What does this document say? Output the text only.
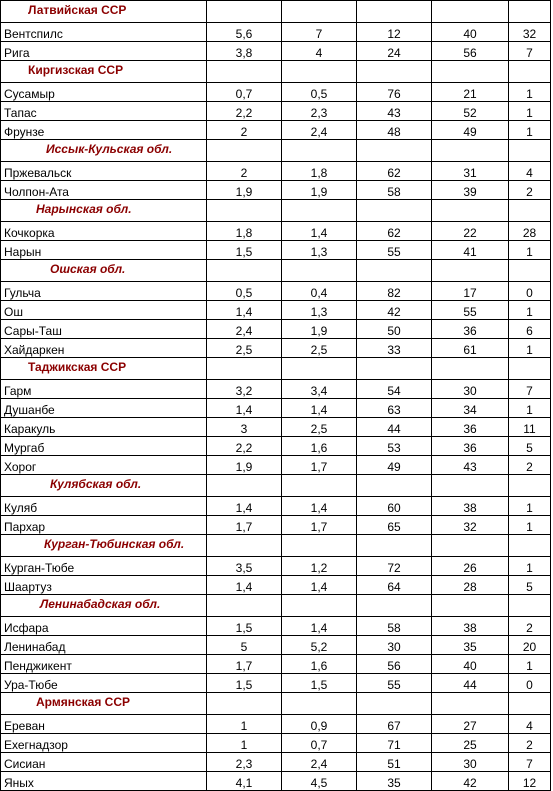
Латвийская ССР					
Вентспилс	5,6	7	12	40	32
Рига	3,8	4	24	56	7
Киргизская ССР					
Сусамыр	0,7	0,5	76	21	1
Тапас	2,2	2,3	43	52	1
Фрунзе	2	2,4	48	49	1
Иссык-Кульская обл.					
Пржевальск	2	1,8	62	31	4
Чолпон-Ата	1,9	1,9	58	39	2
Нарынская обл.					
Кочкорка	1,8	1,4	62	22	28
Нарын	1,5	1,3	55	41	1
Ошская обл.					
Гульча	0,5	0,4	82	17	0
Ош	1,4	1,3	42	55	1
Сары-Таш	2,4	1,9	50	36	6
Хайдаркен	2,5	2,5	33	61	1
Таджикская ССР					
Гарм	3,2	3,4	54	30	7
Душанбе	1,4	1,4	63	34	1
Каракуль	3	2,5	44	36	11
Мургаб	2,2	1,6	53	36	5
Хорог	1,9	1,7	49	43	2
Кулябская обл.					
Куляб	1,4	1,4	60	38	1
Пархар	1,7	1,7	65	32	1
Курган-Тюбинская обл.					
Курган-Тюбе	3,5	1,2	72	26	1
Шаартуз	1,4	1,4	64	28	5
Ленинабадская обл.					
Исфара	1,5	1,4	58	38	2
Ленинабад	5	5,2	30	35	20
Пенджикент	1,7	1,6	56	40	1
Ура-Тюбе	1,5	1,5	55	44	0
Армянская ССР					
Ереван	1	0,9	67	27	4
Ехегнадзор	1	0,7	71	25	2
Сисиан	2,3	2,4	51	30	7
Яных	4,1	4,5	35	42	12
